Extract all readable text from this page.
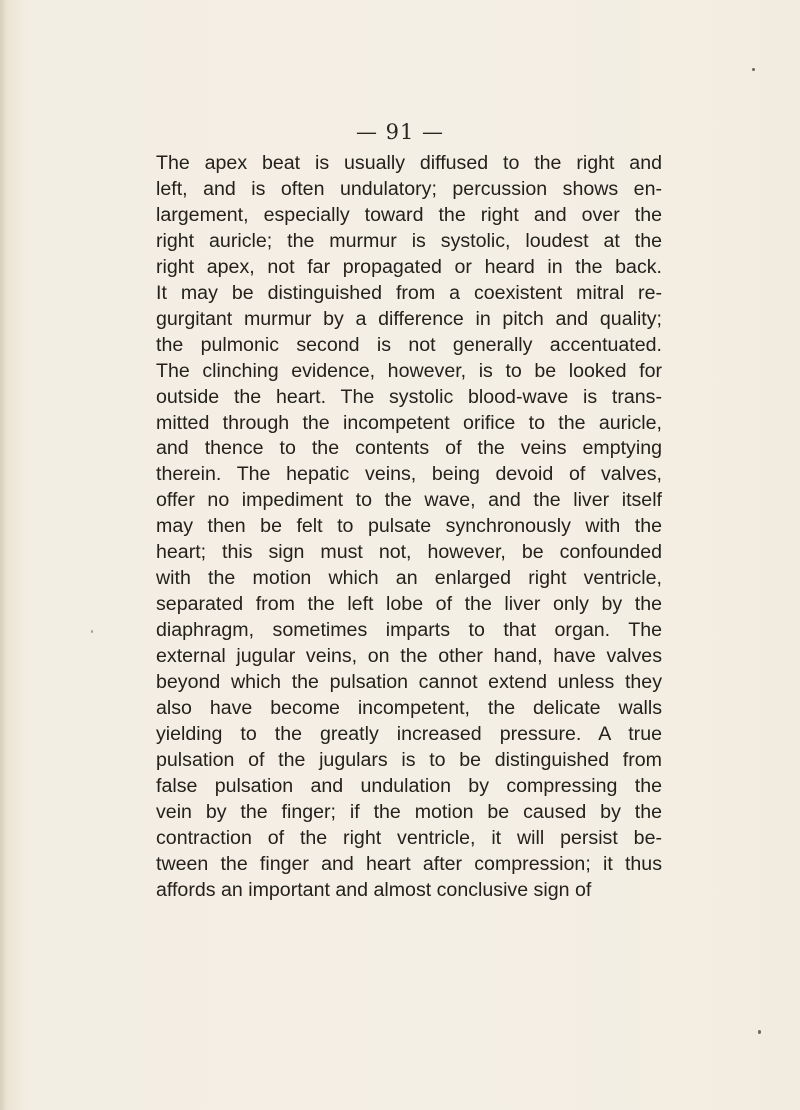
— 91 —

The apex beat is usually diffused to the right and
left, and is often undulatory; percussion shows en-
largement, especially toward the right and over the
right auricle; the murmur is systolic, loudest at the
right apex, not far propagated or heard in the back.
It may be distinguished from a coexistent mitral re-
gurgitant murmur by a difference in pitch and quality;
the pulmonic second is not generally accentuated.
The clinching evidence, however, is to be looked for
outside the heart. The systolic blood-wave is trans-
mitted through the incompetent orifice to the auricle,
and thence to the contents of the veins emptying
therein. The hepatic veins, being devoid of valves,
offer no impediment to the wave, and the liver itself
may then be felt to pulsate synchronously with the
heart; this sign must not, however, be confounded
with the motion which an enlarged right ventricle,
separated from the left lobe of the liver only by the
diaphragm, sometimes imparts to that organ. The
external jugular veins, on the other hand, have valves
beyond which the pulsation cannot extend unless they
also have become incompetent, the delicate walls
yielding to the greatly increased pressure. A true
pulsation of the jugulars is to be distinguished from
false pulsation and undulation by compressing the
vein by the finger; if the motion be caused by the
contraction of the right ventricle, it will persist be-
tween the finger and heart after compression; it thus
affords an important and almost conclusive sign of
